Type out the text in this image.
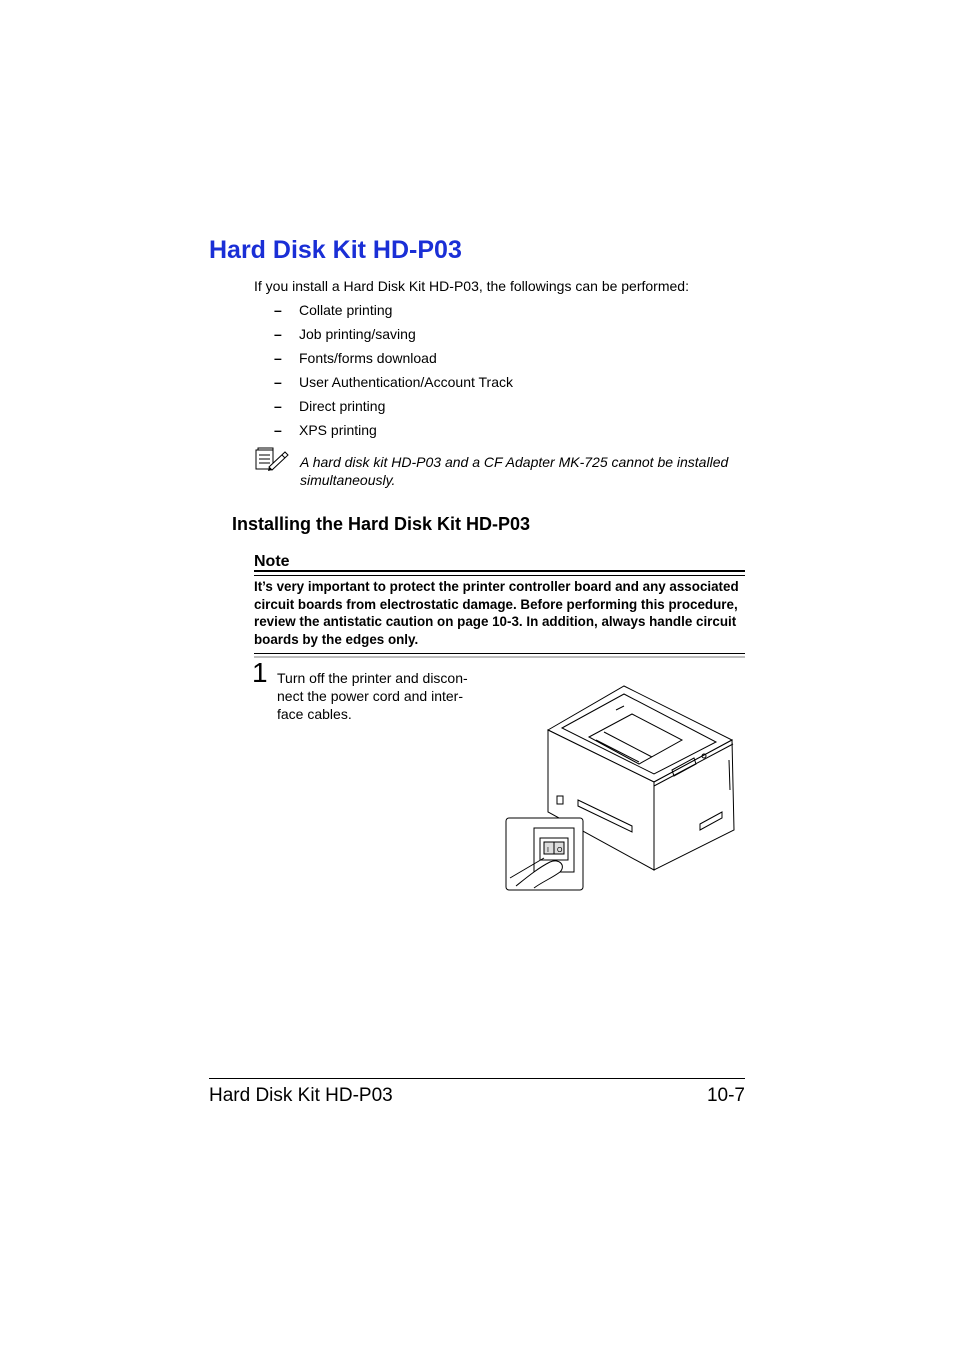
Hard Disk Kit HD-P03
If you install a Hard Disk Kit HD-P03, the followings can be performed:
–	Collate printing
–	Job printing/saving
–	Fonts/forms download
–	User Authentication/Account Track
–	Direct printing
–	XPS printing
A hard disk kit HD-P03 and a CF Adapter MK-725 cannot be installed simultaneously.
Installing the Hard Disk Kit HD-P03
Note
It’s very important to protect the printer controller board and any associated circuit boards from electrostatic damage. Before performing this procedure, review the antistatic caution on page 10-3. In addition, always handle circuit boards by the edges only.
1 Turn off the printer and discon-nect the power cord and inter-face cables.
I O
Hard Disk Kit HD-P03	10-7
